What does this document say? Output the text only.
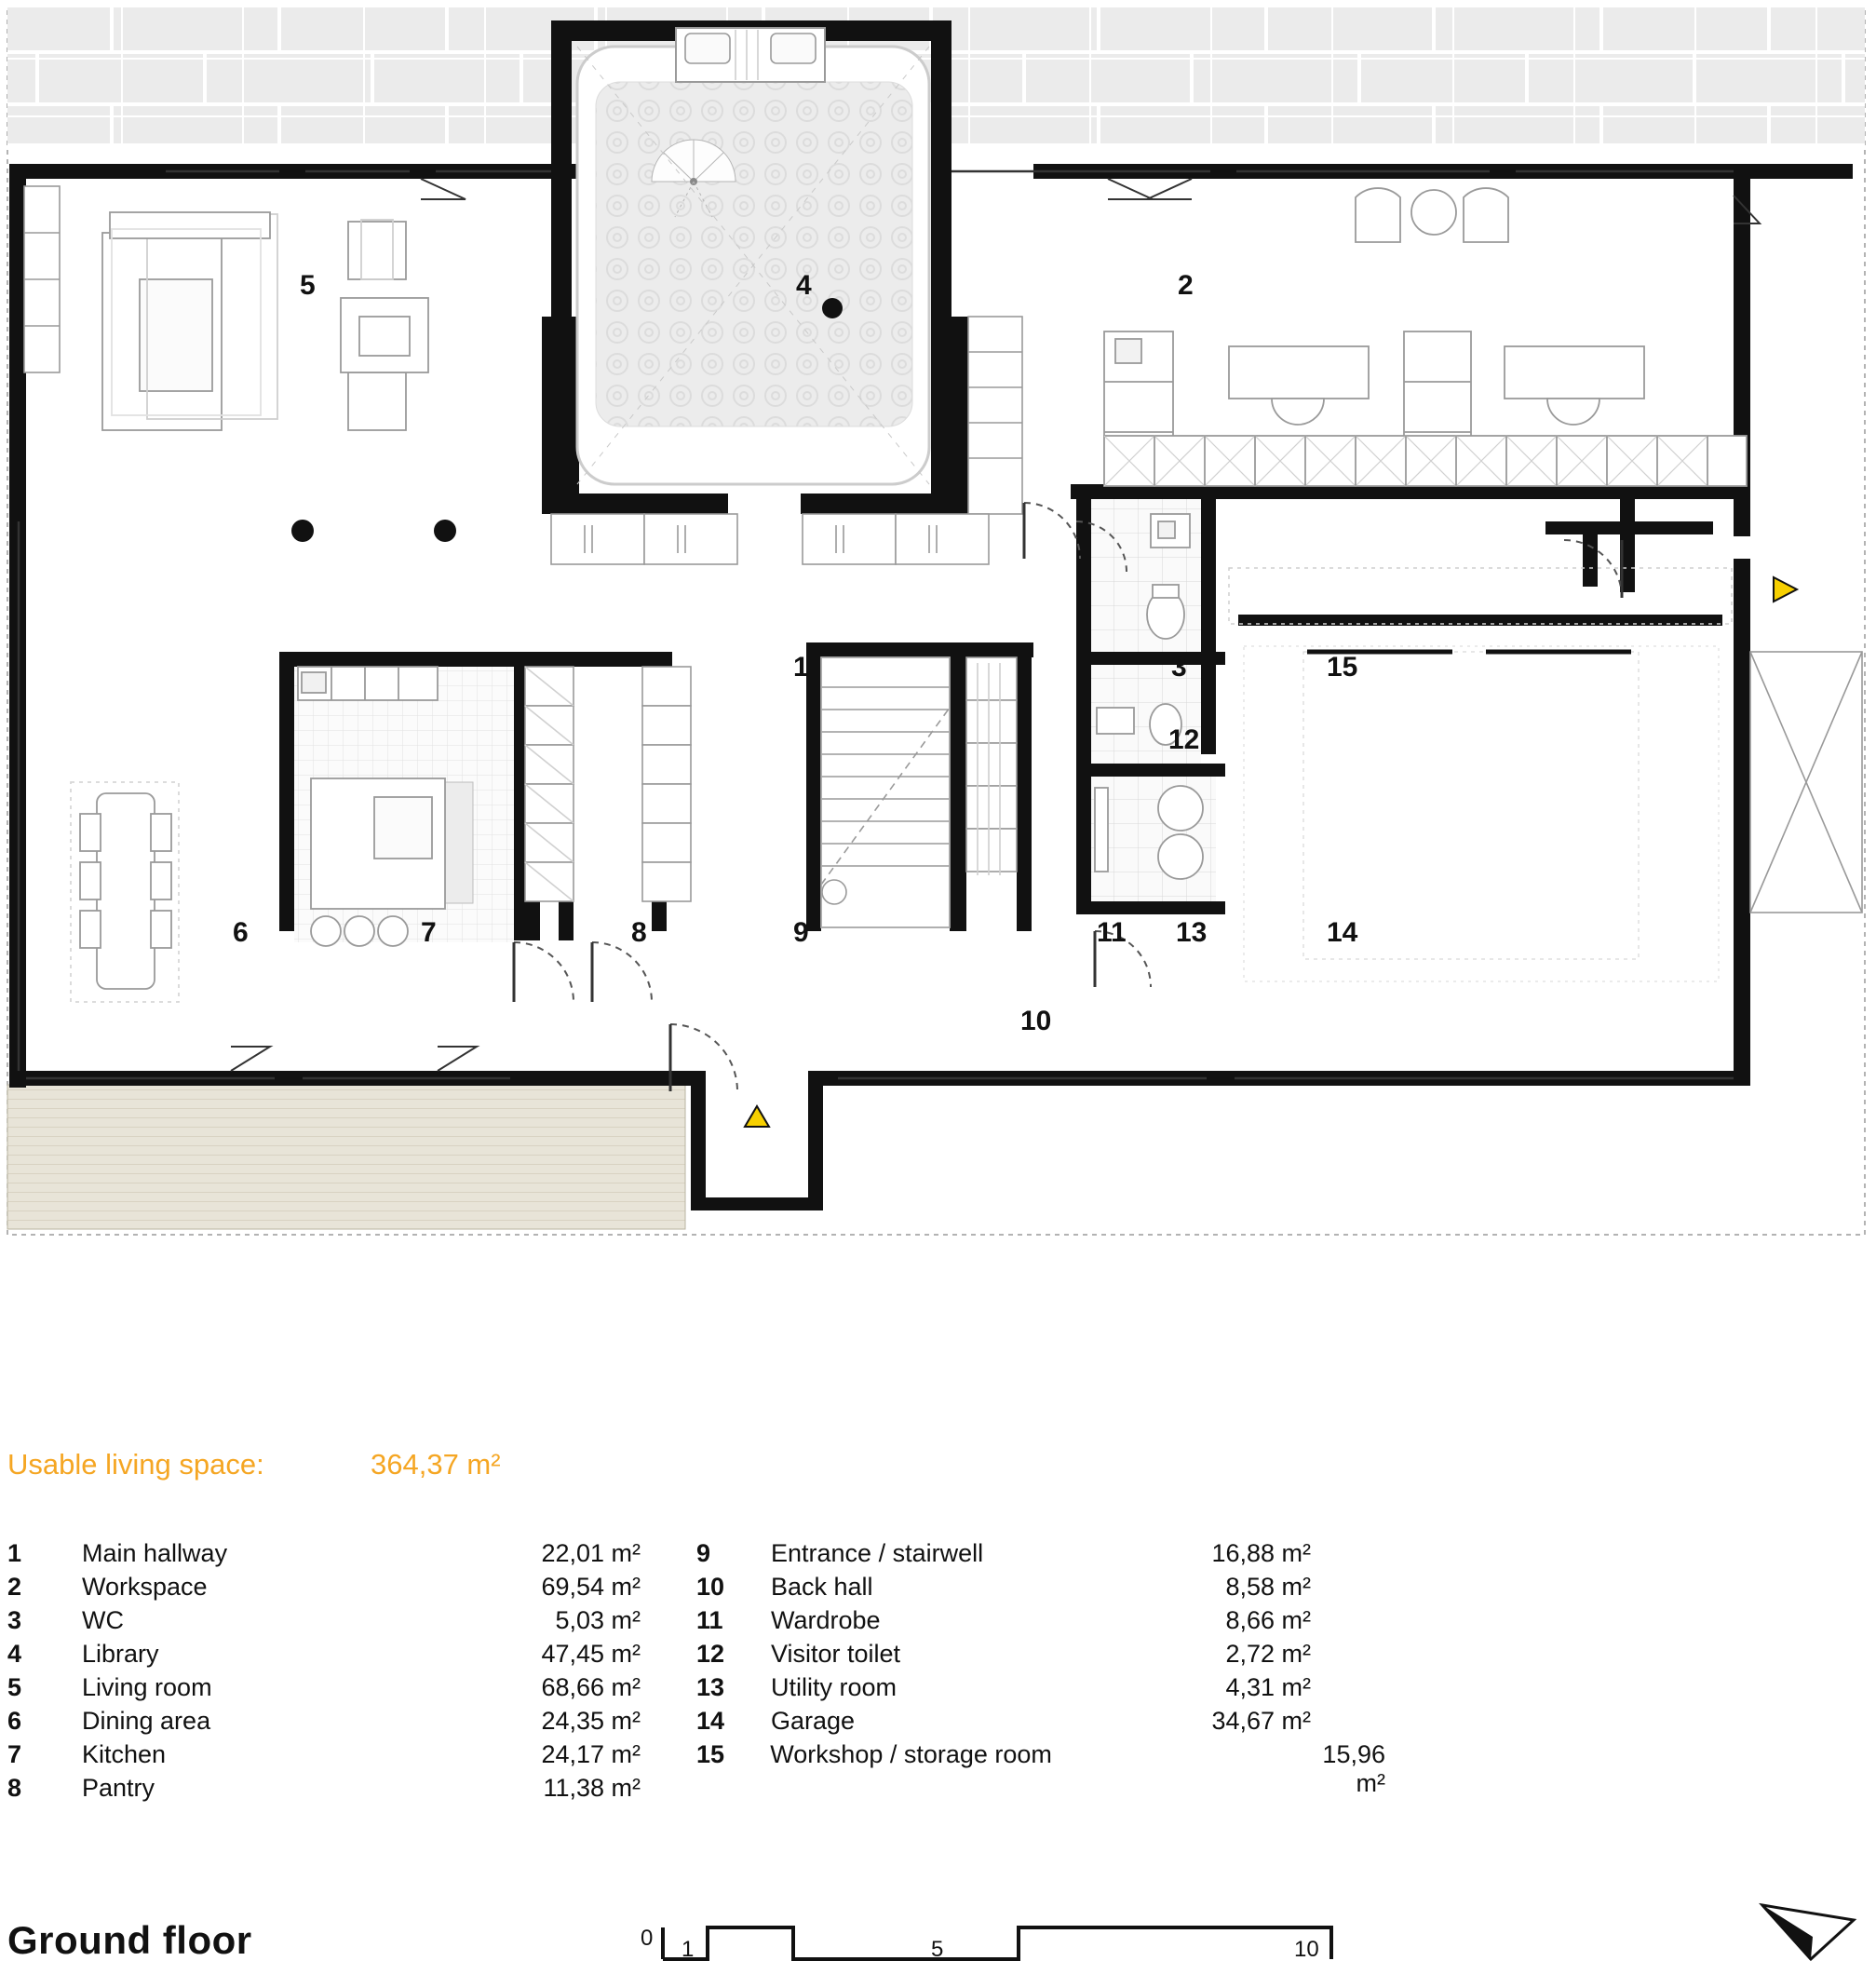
1
2
3
4
5
6	7	8	9
10
11
12
13	14
15
Usable living space:	364,37 m²
1	Main hallway	22,01 m²
2	Workspace	69,54 m²
3	WC	5,03 m²
4	Library	47,45 m²
5	Living room	68,66 m²
6	Dining area	24,35 m²
7	Kitchen	24,17 m²
8	Pantry	11,38 m²
9	Entrance / stairwell	16,88 m²
10	Back hall	8,58 m²
11	Wardrobe	8,66 m²
12	Visitor toilet	2,72 m²
13	Utility room	4,31 m²
14	Garage	34,67 m²
15	Workshop / storage room	15,96 m²
Ground floor	0 1	5	10
